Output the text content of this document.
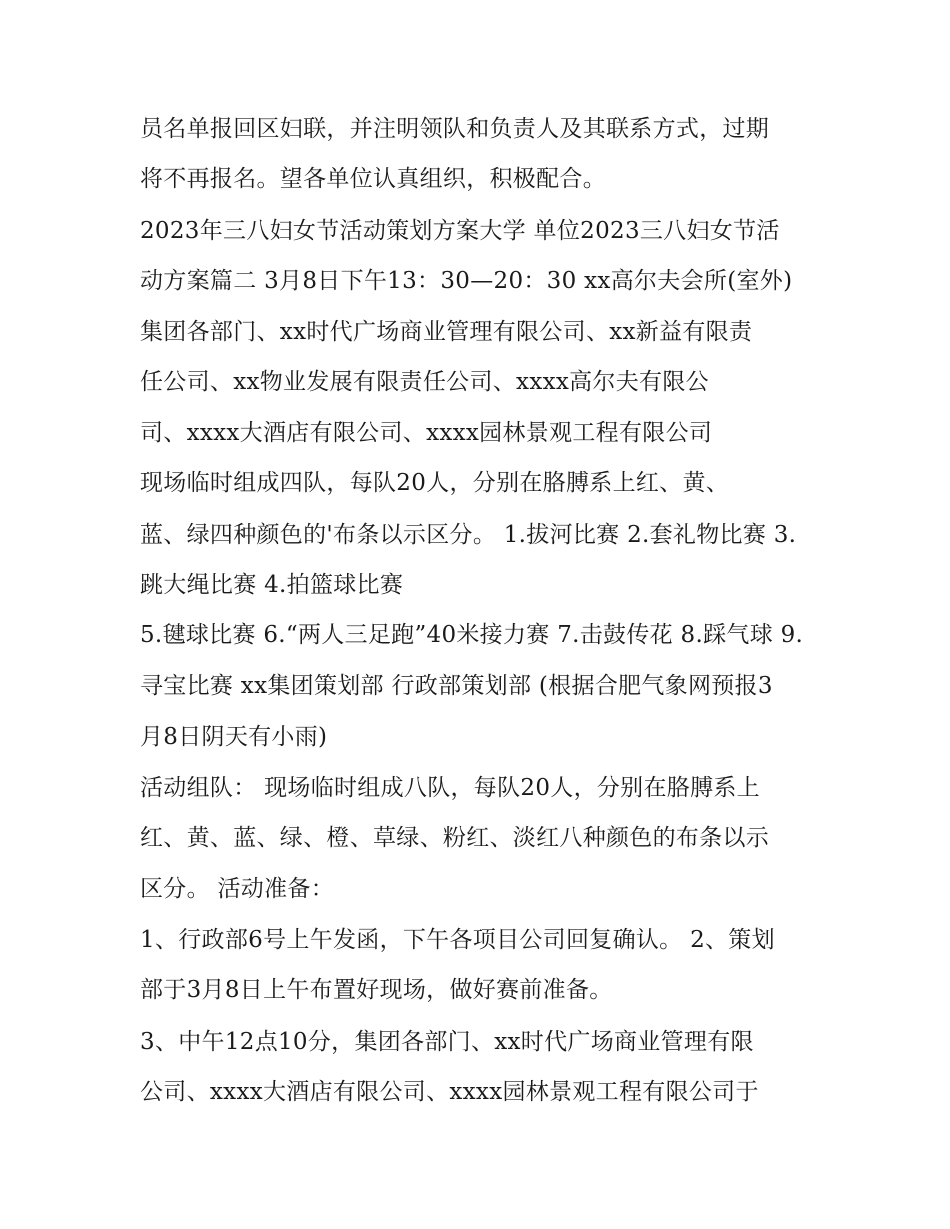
员名单报回区妇联，并注明领队和负责人及其联系方式，过期
将不再报名。望各单位认真组织，积极配合。
2023年三八妇女节活动策划方案大学 单位2023三八妇女节活
动方案篇二 3月8日下午13：30—20：30 xx高尔夫会所(室外)
集团各部门、xx时代广场商业管理有限公司、xx新益有限责
任公司、xx物业发展有限责任公司、xxxx高尔夫有限公
司、xxxx大酒店有限公司、xxxx园林景观工程有限公司
现场临时组成四队，每队20人，分别在胳膊系上红、黄、
蓝、绿四种颜色的'布条以示区分。 1.拔河比赛 2.套礼物比赛 3.
跳大绳比赛 4.拍篮球比赛
5.毽球比赛 6.“两人三足跑”40米接力赛 7.击鼓传花 8.踩气球 9.
寻宝比赛 xx集团策划部 行政部策划部 (根据合肥气象网预报3
月8日阴天有小雨)
活动组队： 现场临时组成八队，每队20人，分别在胳膊系上
红、黄、蓝、绿、橙、草绿、粉红、淡红八种颜色的布条以示
区分。 活动准备：
1、行政部6号上午发函，下午各项目公司回复确认。 2、策划
部于3月8日上午布置好现场，做好赛前准备。
3、中午12点10分，集团各部门、xx时代广场商业管理有限
公司、xxxx大酒店有限公司、xxxx园林景观工程有限公司于
